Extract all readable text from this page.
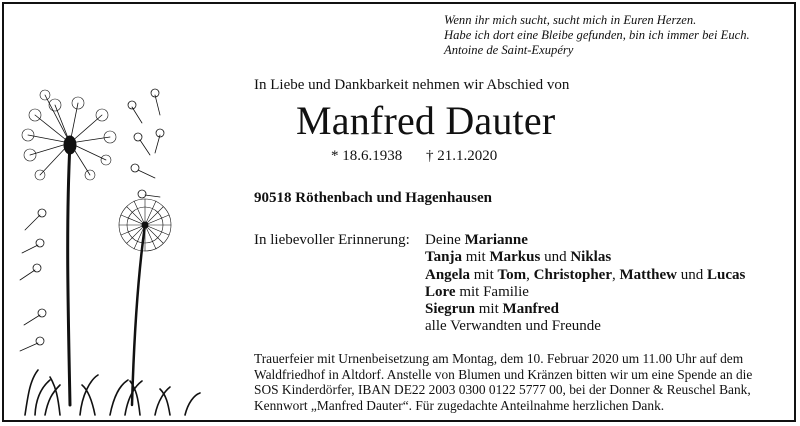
Wenn ihr mich sucht, sucht mich in Euren Herzen.
Habe ich dort eine Bleibe gefunden, bin ich immer bei Euch.
Antoine de Saint-Exupéry
In Liebe und Dankbarkeit nehmen wir Abschied von
Manfred Dauter
* 18.6.1938 † 21.1.2020
90518 Röthenbach und Hagenhausen
In liebevoller Erinnerung: Deine Marianne
Tanja mit Markus und Niklas
Angela mit Tom, Christopher, Matthew und Lucas
Lore mit Familie
Siegrun mit Manfred
alle Verwandten und Freunde
Trauerfeier mit Urnenbeisetzung am Montag, dem 10. Februar 2020 um 11.00 Uhr auf dem
Waldfriedhof in Altdorf. Anstelle von Blumen und Kränzen bitten wir um eine Spende an die
SOS Kinderdörfer, IBAN DE22 2003 0300 0122 5777 00, bei der Donner & Reuschel Bank,
Kennwort „Manfred Dauter“. Für zugedachte Anteilnahme herzlichen Dank.
